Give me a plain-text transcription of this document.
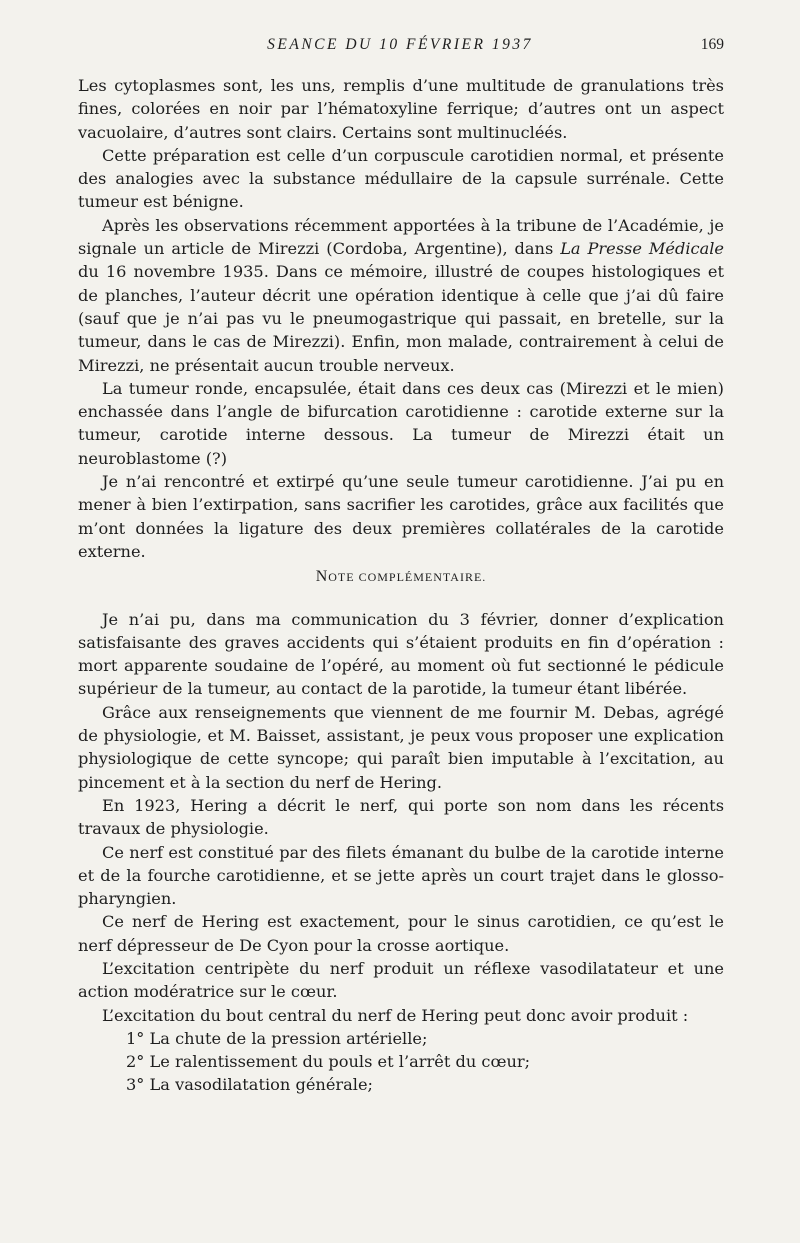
SEANCE DU 10 FÉVRIER 1937	169

Les cytoplasmes sont, les uns, remplis d’une multitude de granulations très fines, colorées en noir par l’hématoxyline ferrique; d’autres ont un aspect vacuolaire, d’autres sont clairs. Certains sont multinucléés.

Cette préparation est celle d’un corpuscule carotidien normal, et présente des analogies avec la substance médullaire de la capsule surrénale. Cette tumeur est bénigne.

Après les observations récemment apportées à la tribune de l’Académie, je signale un article de Mirezzi (Cordoba, Argentine), dans La Presse Médicale du 16 novembre 1935. Dans ce mémoire, illustré de coupes histologiques et de planches, l’auteur décrit une opération identique à celle que j’ai dû faire (sauf que je n’ai pas vu le pneumogastrique qui passait, en bretelle, sur la tumeur, dans le cas de Mirezzi). Enfin, mon malade, contrairement à celui de Mirezzi, ne présentait aucun trouble nerveux.

La tumeur ronde, encapsulée, était dans ces deux cas (Mirezzi et le mien) enchassée dans l’angle de bifurcation carotidienne : carotide externe sur la tumeur, carotide interne dessous. La tumeur de Mirezzi était un neuroblastome (?)

Je n’ai rencontré et extirpé qu’une seule tumeur carotidienne. J’ai pu en mener à bien l’extirpation, sans sacrifier les carotides, grâce aux facilités que m’ont données la ligature des deux premières collatérales de la carotide externe.

NOTE COMPLÉMENTAIRE.

Je n’ai pu, dans ma communication du 3 février, donner d’explication satisfaisante des graves accidents qui s’étaient produits en fin d’opération : mort apparente soudaine de l’opéré, au moment où fut sectionné le pédicule supérieur de la tumeur, au contact de la parotide, la tumeur étant libérée.

Grâce aux renseignements que viennent de me fournir M. Debas, agrégé de physiologie, et M. Baisset, assistant, je peux vous proposer une explication physiologique de cette syncope; qui paraît bien imputable à l’excitation, au pincement et à la section du nerf de Hering.

En 1923, Hering a décrit le nerf, qui porte son nom dans les récents travaux de physiologie.

Ce nerf est constitué par des filets émanant du bulbe de la carotide interne et de la fourche carotidienne, et se jette après un court trajet dans le glosso-pharyngien.

Ce nerf de Hering est exactement, pour le sinus carotidien, ce qu’est le nerf dépresseur de De Cyon pour la crosse aortique.

L’excitation centripète du nerf produit un réflexe vasodilatateur et une action modératrice sur le cœur.

L’excitation du bout central du nerf de Hering peut donc avoir produit :

1° La chute de la pression artérielle;

2° Le ralentissement du pouls et l’arrêt du cœur;

3° La vasodilatation générale;
